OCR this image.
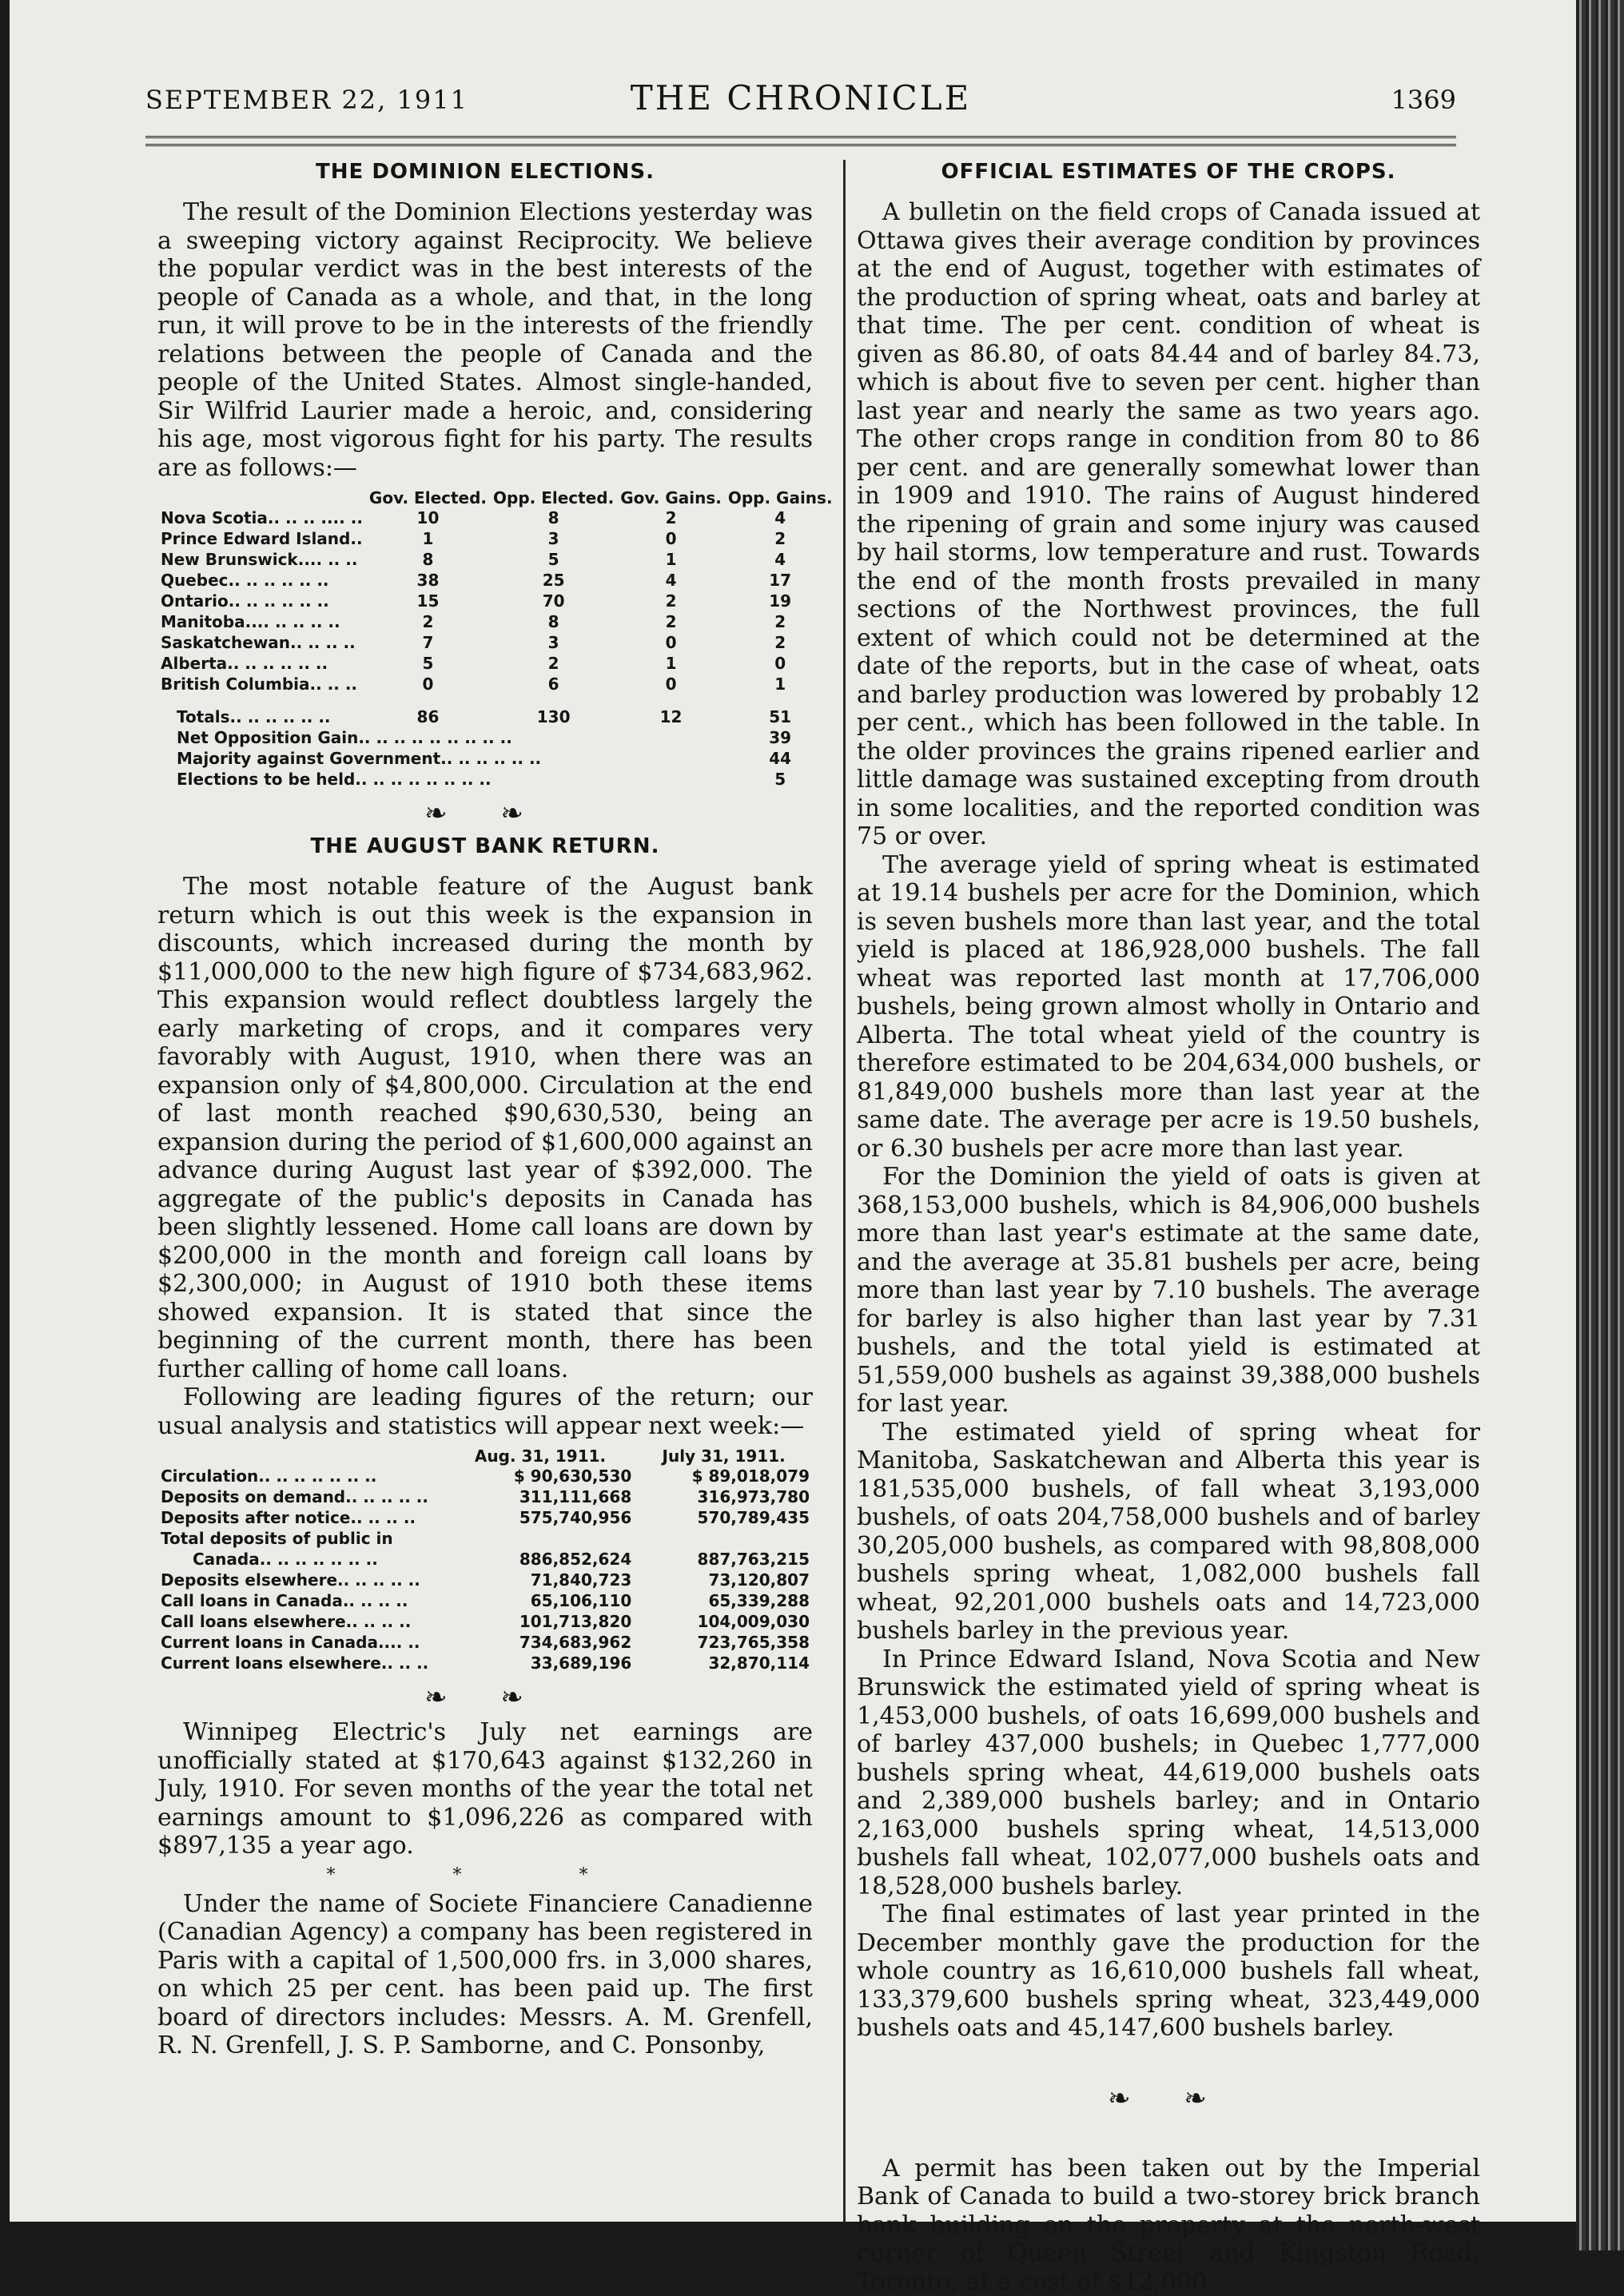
SEPTEMBER 22, 1911	THE CHRONICLE	1369
THE DOMINION ELECTIONS.

The result of the Dominion Elections yesterday was a sweeping victory against Reciprocity. We believe the popular verdict was in the best interests of the people of Canada as a whole, and that, in the long run, it will prove to be in the interests of the friendly relations between the people of Canada and the people of the United States. Almost single-handed, Sir Wilfrid Laurier made a heroic, and, considering his age, most vigorous fight for his party. The results are as follows:—

	Gov. Elected.	Opp. Elected.	Gov. Gains.	Opp. Gains.
Nova Scotia.. .. .. .... ..	10	8	2	4
Prince Edward Island..	1	3	0	2
New Brunswick.... .. ..	8	5	1	4
Quebec.. .. .. .. .. ..	38	25	4	17
Ontario.. .. .. .. .. ..	15	70	2	19
Manitoba.... .. .. .. ..	2	8	2	2
Saskatchewan.. .. .. ..	7	3	0	2
Alberta.. .. .. .. .. ..	5	2	1	0
British Columbia.. .. ..	0	6	0	1
Totals.. .. .. .. .. ..	86	130	12	51
Net Opposition Gain.. .. .. .. .. .. .. .. ..				39
Majority against Government.. .. .. .. .. ..				44
Elections to be held.. .. .. .. .. .. .. ..				5
❧ ❧
THE AUGUST BANK RETURN.

The most notable feature of the August bank return which is out this week is the expansion in discounts, which increased during the month by $11,000,000 to the new high figure of $734,683,962. This expansion would reflect doubtless largely the early marketing of crops, and it compares very favorably with August, 1910, when there was an expansion only of $4,800,000. Circulation at the end of last month reached $90,630,530, being an expansion during the period of $1,600,000 against an advance during August last year of $392,000. The aggregate of the public's deposits in Canada has been slightly lessened. Home call loans are down by $200,000 in the month and foreign call loans by $2,300,000; in August of 1910 both these items showed expansion. It is stated that since the beginning of the current month, there has been further calling of home call loans.

Following are leading figures of the return; our usual analysis and statistics will appear next week:—

	Aug. 31, 1911.	July 31, 1911.
Circulation.. .. .. .. .. .. ..	$ 90,630,530	$ 89,018,079
Deposits on demand.. .. .. .. ..	311,111,668	316,973,780
Deposits after notice.. .. .. ..	575,740,956	570,789,435
Total deposits of public in		
Canada.. .. .. .. .. .. ..	886,852,624	887,763,215
Deposits elsewhere.. .. .. .. ..	71,840,723	73,120,807
Call loans in Canada.. .. .. ..	65,106,110	65,339,288
Call loans elsewhere.. .. .. ..	101,713,820	104,009,030
Current loans in Canada.... ..	734,683,962	723,765,358
Current loans elsewhere.. .. ..	33,689,196	32,870,114
❧ ❧

Winnipeg Electric's July net earnings are unofficially stated at $170,643 against $132,260 in July, 1910. For seven months of the year the total net earnings amount to $1,096,226 as compared with $897,135 a year ago.

* * *

Under the name of Societe Financiere Canadienne (Canadian Agency) a company has been registered in Paris with a capital of 1,500,000 frs. in 3,000 shares, on which 25 per cent. has been paid up. The first board of directors includes: Messrs. A. M. Grenfell, R. N. Grenfell, J. S. P. Samborne, and C. Ponsonby,

OFFICIAL ESTIMATES OF THE CROPS.

A bulletin on the field crops of Canada issued at Ottawa gives their average condition by provinces at the end of August, together with estimates of the production of spring wheat, oats and barley at that time. The per cent. condition of wheat is given as 86.80, of oats 84.44 and of barley 84.73, which is about five to seven per cent. higher than last year and nearly the same as two years ago. The other crops range in condition from 80 to 86 per cent. and are generally somewhat lower than in 1909 and 1910. The rains of August hindered the ripening of grain and some injury was caused by hail storms, low temperature and rust. Towards the end of the month frosts prevailed in many sections of the Northwest provinces, the full extent of which could not be determined at the date of the reports, but in the case of wheat, oats and barley production was lowered by probably 12 per cent., which has been followed in the table. In the older provinces the grains ripened earlier and little damage was sustained excepting from drouth in some localities, and the reported condition was 75 or over.

The average yield of spring wheat is estimated at 19.14 bushels per acre for the Dominion, which is seven bushels more than last year, and the total yield is placed at 186,928,000 bushels. The fall wheat was reported last month at 17,706,000 bushels, being grown almost wholly in Ontario and Alberta. The total wheat yield of the country is therefore estimated to be 204,634,000 bushels, or 81,849,000 bushels more than last year at the same date. The average per acre is 19.50 bushels, or 6.30 bushels per acre more than last year.

For the Dominion the yield of oats is given at 368,153,000 bushels, which is 84,906,000 bushels more than last year's estimate at the same date, and the average at 35.81 bushels per acre, being more than last year by 7.10 bushels. The average for barley is also higher than last year by 7.31 bushels, and the total yield is estimated at 51,559,000 bushels as against 39,388,000 bushels for last year.

The estimated yield of spring wheat for Manitoba, Saskatchewan and Alberta this year is 181,535,000 bushels, of fall wheat 3,193,000 bushels, of oats 204,758,000 bushels and of barley 30,205,000 bushels, as compared with 98,808,000 bushels spring wheat, 1,082,000 bushels fall wheat, 92,201,000 bushels oats and 14,723,000 bushels barley in the previous year.

In Prince Edward Island, Nova Scotia and New Brunswick the estimated yield of spring wheat is 1,453,000 bushels, of oats 16,699,000 bushels and of barley 437,000 bushels; in Quebec 1,777,000 bushels spring wheat, 44,619,000 bushels oats and 2,389,000 bushels barley; and in Ontario 2,163,000 bushels spring wheat, 14,513,000 bushels fall wheat, 102,077,000 bushels oats and 18,528,000 bushels barley.

The final estimates of last year printed in the December monthly gave the production for the whole country as 16,610,000 bushels fall wheat, 133,379,600 bushels spring wheat, 323,449,000 bushels oats and 45,147,600 bushels barley.

❧ ❧

A permit has been taken out by the Imperial Bank of Canada to build a two-storey brick branch bank building on the property at the north-west corner of Queen Street and Kingston Road, Toronto, at a cost of $12,000.
